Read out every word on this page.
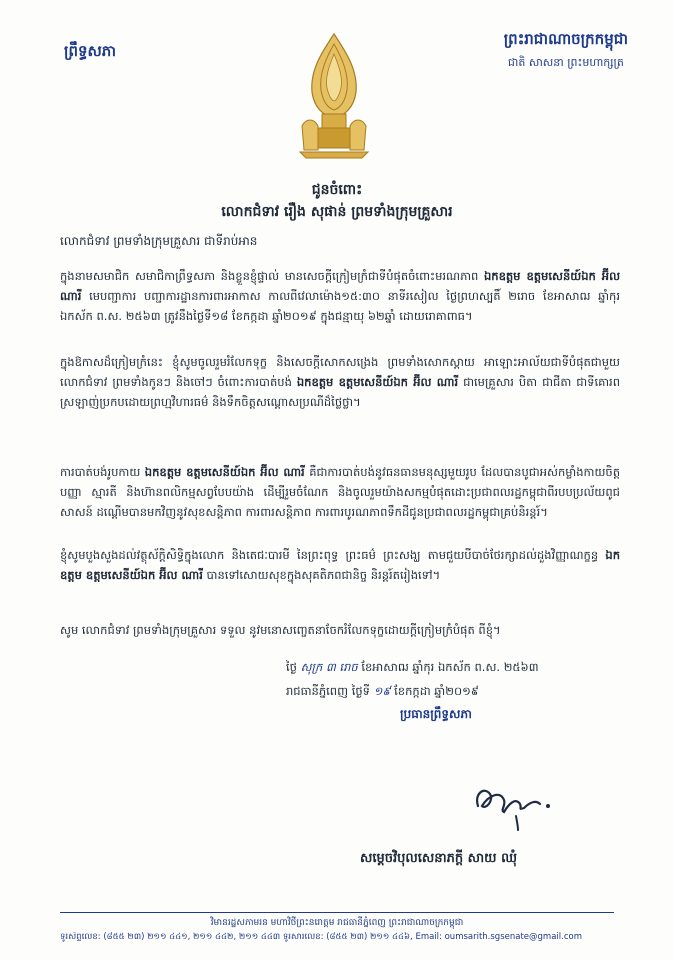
ព្រឹទ្ធសភា
ព្រះរាជាណាចក្រកម្ពុជា
ជាតិ សាសនា ព្រះមហាក្សត្រ
ជូនចំពោះ
លោកជំទាវ រឿង សុផាន់ ព្រមទាំងក្រុមគ្រួសារ
លោកជំទាវ ព្រមទាំងក្រុមគ្រួសារ ជាទីរាប់អាន
ក្នុងនាមសមាជិក សមាជិកាព្រឹទ្ធសភា និងខ្លួនខ្ញុំផ្ទាល់ មានសេចក្ដីក្រៀមក្រំជាទីបំផុតចំពោះមរណភាព ឯកឧត្តម ឧត្តមសេនីយ៍ឯក អ៊ីល ណារី មេបញ្ជាការ បញ្ជាការដ្ឋានការពារអាកាស កាលពីវេលាម៉ោង១៥:៣០ នាទីរសៀល ថ្ងៃព្រហស្បតិ៍ ២រោច ខែអាសាឍ ឆ្នាំកុរ ឯកស័ក ព.ស. ២៥៦៣ ត្រូវនឹងថ្ងៃទី១៨ ខែកក្កដា ឆ្នាំ២០១៩ ក្នុងជន្មាយុ ៦២ឆ្នាំ ដោយរោគាពាធ។
ក្នុងឱកាសដ៏ក្រៀមក្រំនេះ ខ្ញុំសូមចូលរួមរំលែកទុក្ខ និងសេចក្ដីសោកសង្រេង ព្រមទាំងសោកស្ដាយ អាឡោះអាល័យជាទីបំផុតជាមួយ លោកជំទាវ ព្រមទាំងកូនៗ និងចៅៗ ចំពោះការបាត់បង់ ឯកឧត្តម ឧត្តមសេនីយ៍ឯក អ៊ីល ណារី ជាមេគ្រួសារ បិតា ជាជីតា ជាទីគោរពស្រឡាញ់ប្រកបដោយព្រហ្មវិហារធម៌ និងទឹកចិត្តសណ្ដោសប្រណីដ៏ថ្លៃថ្លា។
ការបាត់បង់រូបកាយ ឯកឧត្តម ឧត្តមសេនីយ៍ឯក អ៊ីល ណារី គឺជាការបាត់បង់នូវធនធានមនុស្សមួយរូប ដែលបានបូជាអស់កម្លាំងកាយចិត្ត បញ្ញា ស្មារតី និងហ៊ានពលិកម្មសព្វបែបយ៉ាង ដើម្បីរួមចំណែក និងចូលរួមយ៉ាងសកម្មបំផុតដោះប្រជាពលរដ្ឋកម្ពុជាពីរបបប្រល័យពូជសាសន៍ ដណ្ដើមបានមកវិញនូវសុខសន្តិភាព ការពារសន្តិភាព ការពារបូរណភាពទឹកដីជូនប្រជាពលរដ្ឋកម្ពុជាគ្រប់និរន្តរ៍។
ខ្ញុំសូមបួងសួងដល់វត្ថុស័ក្តិសិទ្ធិក្នុងលោក និងតេជៈបារមី នៃព្រះពុទ្ធ ព្រះធម៌ ព្រះសង្ឃ តាមជួយបីបាច់ថែរក្សាដល់ដួងវិញ្ញាណក្ខន្ធ ឯកឧត្តម ឧត្តមសេនីយ៍ឯក អ៊ីល ណារី បានទៅសោយសុខក្នុងសុគតិភពជានិច្ច និរន្តរ៍តរៀងទៅ។
សូម លោកជំទាវ ព្រមទាំងក្រុមគ្រួសារ ទទួល នូវមនោសញ្ចេតនាចែករំលែកទុក្ខដោយក្ដីក្រៀមក្រំបំផុត ពីខ្ញុំ។
ថ្ងៃ សុក្រ ៣ រោច ខែអាសាឍ ឆ្នាំកុរ ឯកស័ក ព.ស. ២៥៦៣
រាជធានីភ្នំពេញ ថ្ងៃទី ១៩ ខែកក្កដា ឆ្នាំ២០១៩
ប្រធានព្រឹទ្ធសភា
សម្ដេចវិបុលសេនាភក្ដី សាយ ឈុំ
វិមានរដ្ឋសភាមរន មហាវិថីព្រះនរោត្តម រាជធានីភ្នំពេញ ព្រះរាជាណាចក្រកម្ពុជា
ទូរស័ព្ទលេខ: (៨៥៥ ២៣) ២១១ ៤៤១, ២១១ ៤៤២, ២១១ ៤៤៣ ទូរសារលេខ: (៨៥៥ ២៣) ២១១ ៤៤៦, Email: oumsarith.sgsenate@gmail.com
